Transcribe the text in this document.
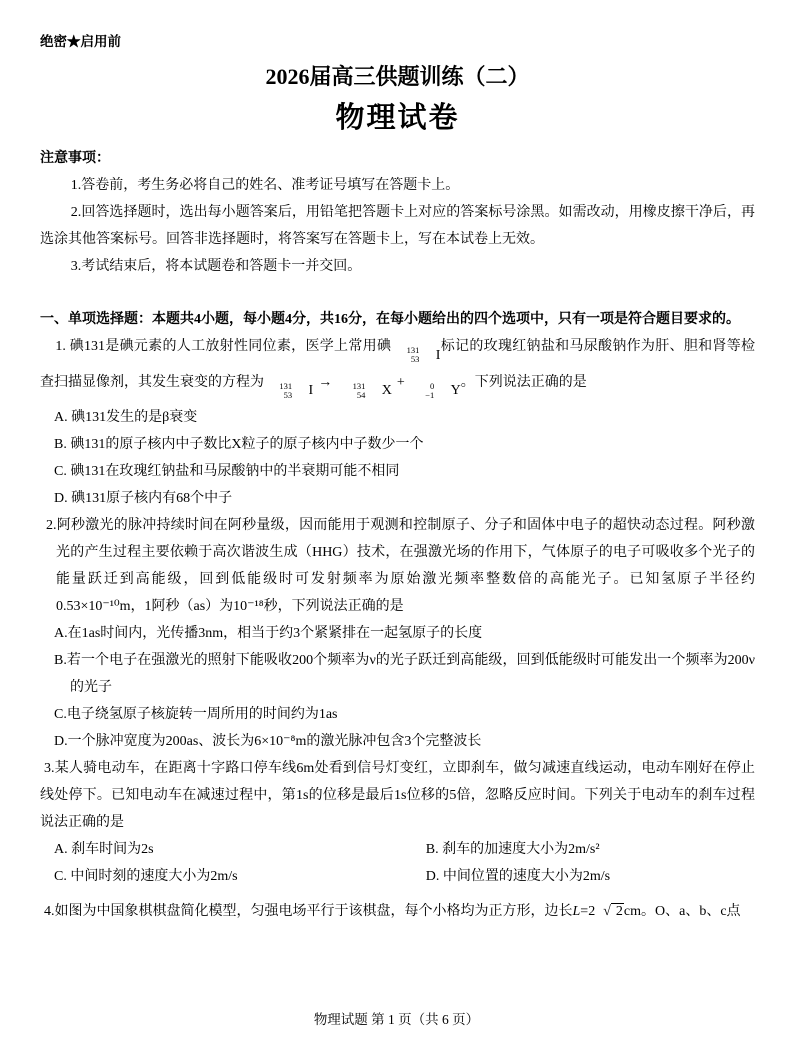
绝密★启用前
2026届高三供题训练（二）
物理试卷
注意事项：

1.答卷前，考生务必将自己的姓名、准考证号填写在答题卡上。

2.回答选择题时，选出每小题答案后，用铅笔把答题卡上对应的答案标号涂黑。如需改动，用橡皮擦干净后，再选涂其他答案标号。回答非选择题时，将答案写在答题卡上，写在本试卷上无效。

3.考试结束后，将本试题卷和答题卡一并交回。

一、单项选择题：本题共4小题，每小题4分，共16分，在每小题给出的四个选项中，只有一项是符合题目要求的。

1. 碘131是碘元素的人工放射性同位素，医学上常用碘	131
53	I
标记的玫瑰红钠盐和马尿酸钠作为肝、胆和肾等检查扫描显像剂，其发生衰变的方程为	131
53	I
→	131
54	X
+	0
−1	Y
。下列说法正确的是

A. 碘131发生的是β衰变

B. 碘131的原子核内中子数比X粒子的原子核内中子数少一个

C. 碘131在玫瑰红钠盐和马尿酸钠中的半衰期可能不相同

D. 碘131原子核内有68个中子

2.阿秒激光的脉冲持续时间在阿秒量级，因而能用于观测和控制原子、分子和固体中电子的超快动态过程。阿秒激光的产生过程主要依赖于高次谐波生成（HHG）技术，在强激光场的作用下，气体原子的电子可吸收多个光子的能量跃迁到高能级，回到低能级时可发射频率为原始激光频率整数倍的高能光子。已知氢原子半径约0.53×10⁻¹⁰m，1阿秒（as）为10⁻¹⁸秒，下列说法正确的是

A.在1as时间内，光传播3nm，相当于约3个紧紧排在一起氢原子的长度

B.若一个电子在强激光的照射下能吸收200个频率为ν的光子跃迁到高能级，回到低能级时可能发出一个频率为200ν的光子

C.电子绕氢原子核旋转一周所用的时间约为1as

D.一个脉冲宽度为200as、波长为6×10⁻⁸m的激光脉冲包含3个完整波长

3.某人骑电动车，在距离十字路口停车线6m处看到信号灯变红，立即刹车，做匀减速直线运动，电动车刚好在停止线处停下。已知电动车在减速过程中，第1s的位移是最后1s位移的5倍，忽略反应时间。下列关于电动车的刹车过程说法正确的是

A. 刹车时间为2s	B. 刹车的加速度大小为2m/s²

C. 中间时刻的速度大小为2m/s	D. 中间位置的速度大小为2m/s

4.如图为中国象棋棋盘简化模型，匀强电场平行于该棋盘，每个小格均为正方形，边长L=2 √ 2cm。O、a、b、c点

物理试题 第 1 页（共 6 页）
